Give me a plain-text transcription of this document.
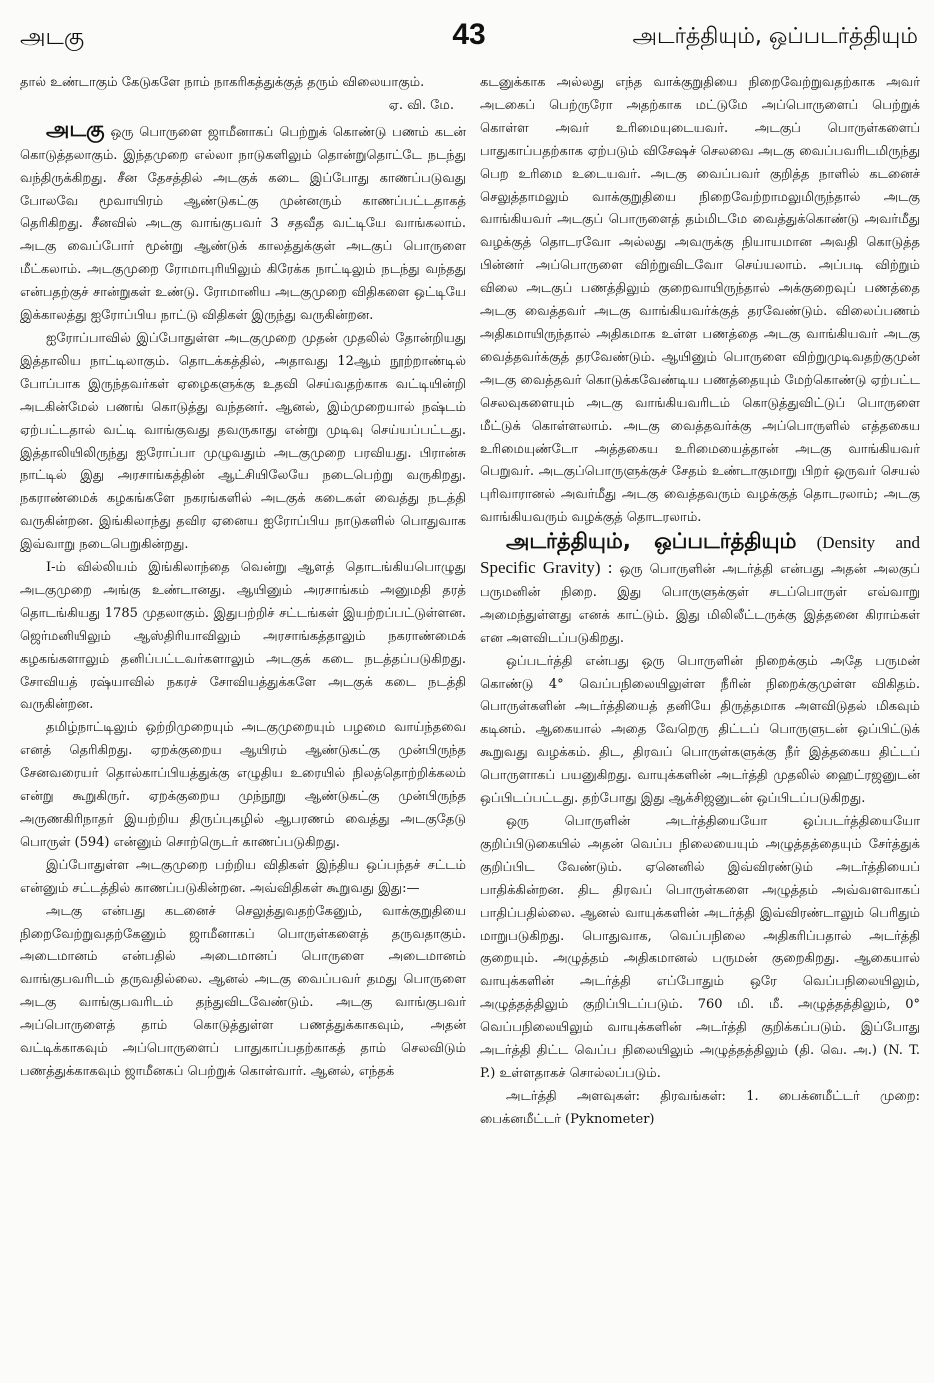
அடகு	43	அடர்த்தியும், ஒப்படர்த்தியும்

தால் உண்டாகும் கேடுகளே நாம் நாகரிகத்துக்குத் தரும் விலையாகும்.

ஏ. வி. மே.

அடகு ஒரு பொருளை ஜாமீனாகப் பெற்றுக் கொண்டு பணம் கடன் கொடுத்தலாகும். இந்தமுறை எல்லா நாடுகளிலும் தொன்றுதொட்டே நடந்து வந்திருக்கிறது. சீன தேசத்தில் அடகுக் கடை இப்போது காணப்படுவது போலவே மூவாயிரம் ஆண்டுகட்கு முன்னரும் காணப்பட்டதாகத் தெரிகிறது. சீனவில் அடகு வாங்குபவர் 3 சதவீத வட்டியே வாங்கலாம். அடகு வைப்போர் மூன்று ஆண்டுக் காலத்துக்குள் அடகுப் பொருளை மீட்கலாம். அடகுமுறை ரோமாபுரியிலும் கிரேக்க நாட்டிலும் நடந்து வந்தது என்பதற்குச் சான்றுகள் உண்டு. ரோமானிய அடகுமுறை விதிகளை ஒட்டியே இக்காலத்து ஐரோப்பிய நாட்டு விதிகள் இருந்து வருகின்றன.

ஐரோப்பாவில் இப்போதுள்ள அடகுமுறை முதன் முதலில் தோன்றியது இத்தாலிய நாட்டிலாகும். தொடக்கத்தில், அதாவது 12ஆம் நூற்றாண்டில் போப்பாக இருந்தவர்கள் ஏழைகளுக்கு உதவி செய்வதற்காக வட்டியின்றி அடகின்மேல் பணங் கொடுத்து வந்தனர். ஆனல், இம்முறையால் நஷ்டம் ஏற்பட்டதால் வட்டி வாங்குவது தவருகாது என்று முடிவு செய்யப்பட்டது. இத்தாலியிலிருந்து ஐரோப்பா முழுவதும் அடகுமுறை பரவியது. பிரான்சு நாட்டில் இது அரசாங்கத்தின் ஆட்சியிலேயே நடைபெற்று வருகிறது. நகராண்மைக் கழகங்களே நகரங்களில் அடகுக் கடைகள் வைத்து நடத்தி வருகின்றன. இங்கிலாந்து தவிர ஏனைய ஐரோப்பிய நாடுகளில் பொதுவாக இவ்வாறு நடைபெறுகின்றது.

I-ம் வில்லியம் இங்கிலாந்தை வென்று ஆளத் தொடங்கியபொழுது அடகுமுறை அங்கு உண்டானது. ஆயினும் அரசாங்கம் அனுமதி தரத் தொடங்கியது 1785 முதலாகும். இதுபற்றிச் சட்டங்கள் இயற்றப்பட்டுள்ளன. ஜெர்மனியிலும் ஆஸ்திரியாவிலும் அரசாங்கத்தாலும் நகராண்மைக் கழகங்களாலும் தனிப்பட்டவர்களாலும் அடகுக் கடை நடத்தப்படுகிறது. சோவியத் ரஷ்யாவில் நகரச் சோவியத்துக்களே அடகுக் கடை நடத்தி வருகின்றன.

தமிழ்நாட்டிலும் ஒற்றிமுறையும் அடகுமுறையும் பழமை வாய்ந்தவை எனத் தெரிகிறது. ஏறக்குறைய ஆயிரம் ஆண்டுகட்கு முன்பிருந்த சேனவரையர் தொல்காப்பியத்துக்கு எழுதிய உரையில் நிலத்தொற்றிக்கலம் என்று கூறுகிருர். ஏறக்குறைய முந்நூறு ஆண்டுகட்கு முன்பிருந்த அருணகிரிநாதர் இயற்றிய திருப்புகழில் ஆபரணம் வைத்து அடகுதேடு பொருள் (594) என்னும் சொற்ருெடர் காணப்படுகிறது.

இப்போதுள்ள அடகுமுறை பற்றிய விதிகள் இந்திய ஒப்பந்தச் சட்டம் என்னும் சட்டத்தில் காணப்படுகின்றன. அவ்விதிகள் கூறுவது இது:—

அடகு என்பது கடனைச் செலுத்துவதற்கேனும், வாக்குறுதியை நிறைவேற்றுவதற்கேனும் ஜாமீனாகப் பொருள்களைத் தருவதாகும். அடைமானம் என்பதில் அடைமானப் பொருளை அடைமானம் வாங்குபவரிடம் தருவதில்லை. ஆனல் அடகு வைப்பவர் தமது பொருளை அடகு வாங்குபவரிடம் தந்துவிடவேண்டும். அடகு வாங்குபவர் அப்பொருளைத் தாம் கொடுத்துள்ள பணத்துக்காகவும், அதன் வட்டிக்காகவும் அப்பொருளைப் பாதுகாப்பதற்காகத் தாம் செலவிடும் பணத்துக்காகவும் ஜாமீனகப் பெற்றுக் கொள்வார். ஆனல், எந்தக்

கடனுக்காக அல்லது எந்த வாக்குறுதியை நிறைவேற்றுவதற்காக அவர் அடகைப் பெற்ருரோ அதற்காக மட்டுமே அப்பொருளைப் பெற்றுக் கொள்ள அவர் உரிமையுடையவர். அடகுப் பொருள்களைப் பாதுகாப்பதற்காக ஏற்படும் விசேஷச் செலவை அடகு வைப்பவரிடமிருந்து பெற உரிமை உடையவர். அடகு வைப்பவர் குறித்த நாளில் கடனைச் செலுத்தாமலும் வாக்குறுதியை நிறைவேற்றாமலுமிருந்தால் அடகு வாங்கியவர் அடகுப் பொருளைத் தம்மிடமே வைத்துக்கொண்டு அவர்மீது வழக்குத் தொடரவோ அல்லது அவருக்கு நியாயமான அவதி கொடுத்த பின்னர் அப்பொருளை விற்றுவிடவோ செய்யலாம். அப்படி விற்றும் விலை அடகுப் பணத்திலும் குறைவாயிருந்தால் அக்குறைவுப் பணத்தை அடகு வைத்தவர் அடகு வாங்கியவர்க்குத் தரவேண்டும். விலைப்பணம் அதிகமாயிருந்தால் அதிகமாக உள்ள பணத்தை அடகு வாங்கியவர் அடகு வைத்தவர்க்குத் தரவேண்டும். ஆயினும் பொருளை விற்றுமுடிவதற்குமுன் அடகு வைத்தவர் கொடுக்கவேண்டிய பணத்தையும் மேற்கொண்டு ஏற்பட்ட செலவுகளையும் அடகு வாங்கியவரிடம் கொடுத்துவிட்டுப் பொருளை மீட்டுக் கொள்ளலாம். அடகு வைத்தவர்க்கு அப்பொருளில் எத்தகைய உரிமையுண்டோ அத்தகைய உரிமையைத்தான் அடகு வாங்கியவர் பெறுவர். அடகுப்பொருளுக்குச் சேதம் உண்டாகுமாறு பிறர் ஒருவர் செயல் புரிவாரானல் அவர்மீது அடகு வைத்தவரும் வழக்குத் தொடரலாம்; அடகு வாங்கியவரும் வழக்குத் தொடரலாம்.

அடர்த்தியும், ஒப்படர்த்தியும் (Density and Specific Gravity) : ஒரு பொருளின் அடர்த்தி என்பது அதன் அலகுப் பருமனின் நிறை. இது பொருளுக்குள் சடப்பொருள் எவ்வாறு அமைந்துள்ளது எனக் காட்டும். இது மிலிலீட்டருக்கு இத்தனை கிராம்கள் என அளவிடப்படுகிறது.

ஒப்படர்த்தி என்பது ஒரு பொருளின் நிறைக்கும் அதே பருமன் கொண்டு 4° வெப்பநிலையிலுள்ள நீரின் நிறைக்குமுள்ள விகிதம். பொருள்களின் அடர்த்தியைத் தனியே திருத்தமாக அளவிடுதல் மிகவும் கடினம். ஆகையால் அதை வேறெரு திட்டப் பொருளுடன் ஒப்பிட்டுக் கூறுவது வழக்கம். திட, திரவப் பொருள்களுக்கு நீர் இத்தகைய திட்டப் பொருளாகப் பயனுகிறது. வாயுக்களின் அடர்த்தி முதலில் ஹைட்ரஜனுடன் ஒப்பிடப்பட்டது. தற்போது இது ஆக்சிஜனுடன் ஒப்பிடப்படுகிறது.

ஒரு பொருளின் அடர்த்தியையோ ஒப்படர்த்தியையோ குறிப்பிடுகையில் அதன் வெப்ப நிலையையும் அழுத்தத்தையும் சேர்த்துக் குறிப்பிட வேண்டும். ஏனெனில் இவ்விரண்டும் அடர்த்தியைப் பாதிக்கின்றன. திட திரவப் பொருள்களை அழுத்தம் அவ்வளவாகப் பாதிப்பதில்லை. ஆனல் வாயுக்களின் அடர்த்தி இவ்விரண்டாலும் பெரிதும் மாறுபடுகிறது. பொதுவாக, வெப்பநிலை அதிகரிப்பதால் அடர்த்தி குறையும். அழுத்தம் அதிகமானல் பருமன் குறைகிறது. ஆகையால் வாயுக்களின் அடர்த்தி எப்போதும் ஒரே வெப்பநிலையிலும், அழுத்தத்திலும் குறிப்பிடப்படும். 760 மி. மீ. அழுத்தத்திலும், 0° வெப்பநிலையிலும் வாயுக்களின் அடர்த்தி குறிக்கப்படும். இப்போது அடர்த்தி திட்ட வெப்ப நிலையிலும் அழுத்தத்திலும் (தி. வெ. அ.) (N. T. P.) உள்ளதாகச் சொல்லப்படும்.

அடர்த்தி அளவுகள்: திரவங்கள்: 1. பைக்னமீட்டர் முறை: பைக்னமீட்டர் (Pyknometer)
